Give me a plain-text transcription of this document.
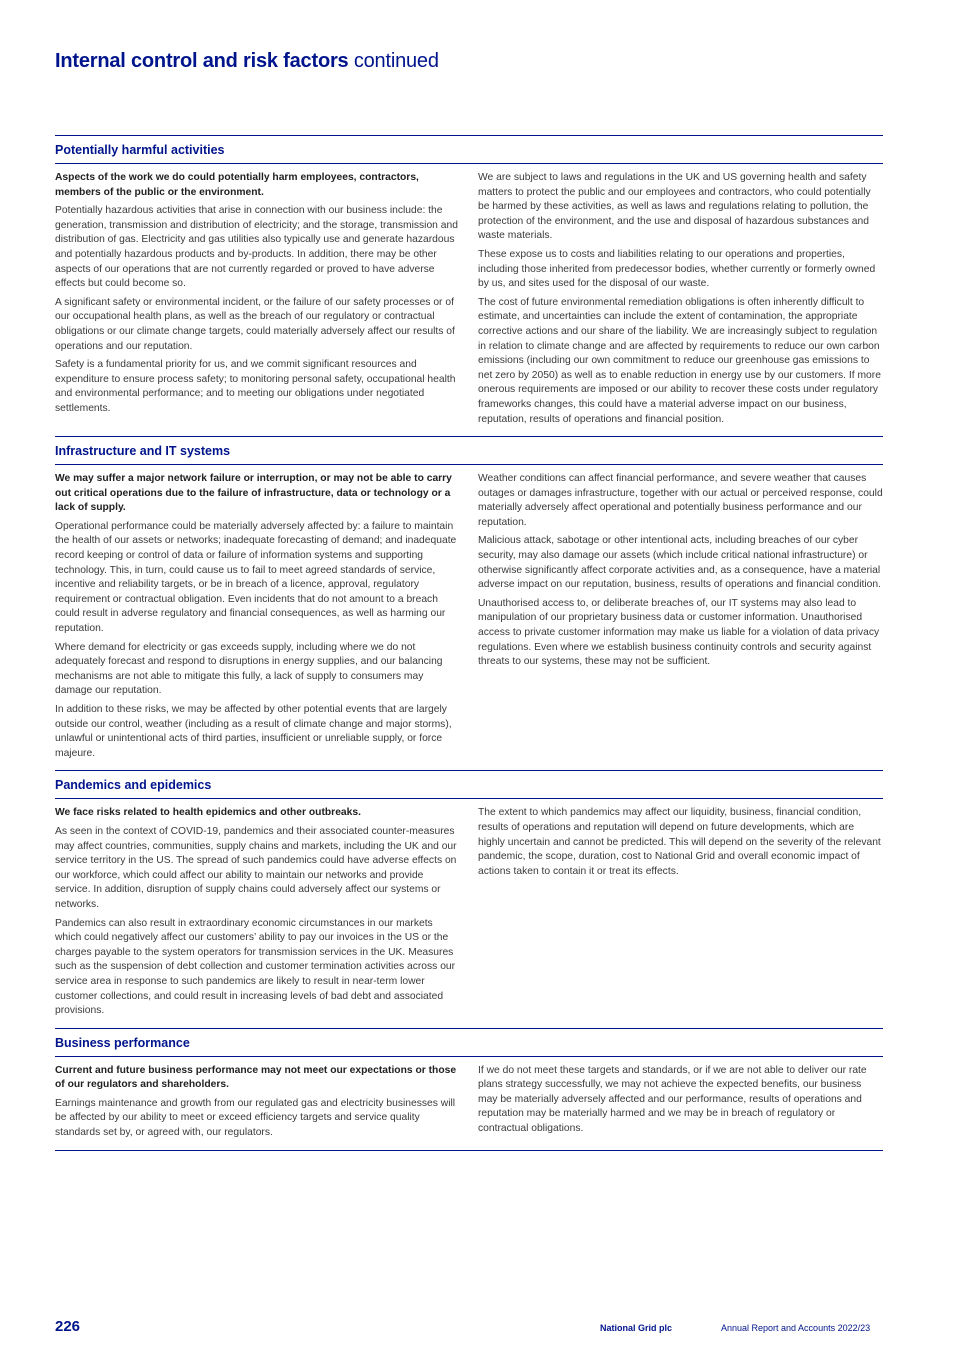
Internal control and risk factors continued
Potentially harmful activities

Aspects of the work we do could potentially harm employees, contractors, members of the public or the environment.

Potentially hazardous activities that arise in connection with our business include: the generation, transmission and distribution of electricity; and the storage, transmission and distribution of gas. Electricity and gas utilities also typically use and generate hazardous and potentially hazardous products and by-products. In addition, there may be other aspects of our operations that are not currently regarded or proved to have adverse effects but could become so.

A significant safety or environmental incident, or the failure of our safety processes or of our occupational health plans, as well as the breach of our regulatory or contractual obligations or our climate change targets, could materially adversely affect our results of operations and our reputation.

Safety is a fundamental priority for us, and we commit significant resources and expenditure to ensure process safety; to monitoring personal safety, occupational health and environmental performance; and to meeting our obligations under negotiated settlements.

We are subject to laws and regulations in the UK and US governing health and safety matters to protect the public and our employees and contractors, who could potentially be harmed by these activities, as well as laws and regulations relating to pollution, the protection of the environment, and the use and disposal of hazardous substances and waste materials.

These expose us to costs and liabilities relating to our operations and properties, including those inherited from predecessor bodies, whether currently or formerly owned by us, and sites used for the disposal of our waste.

The cost of future environmental remediation obligations is often inherently difficult to estimate, and uncertainties can include the extent of contamination, the appropriate corrective actions and our share of the liability. We are increasingly subject to regulation in relation to climate change and are affected by requirements to reduce our own carbon emissions (including our own commitment to reduce our greenhouse gas emissions to net zero by 2050) as well as to enable reduction in energy use by our customers. If more onerous requirements are imposed or our ability to recover these costs under regulatory frameworks changes, this could have a material adverse impact on our business, reputation, results of operations and financial position.

Infrastructure and IT systems

We may suffer a major network failure or interruption, or may not be able to carry out critical operations due to the failure of infrastructure, data or technology or a lack of supply.

Operational performance could be materially adversely affected by: a failure to maintain the health of our assets or networks; inadequate forecasting of demand; and inadequate record keeping or control of data or failure of information systems and supporting technology. This, in turn, could cause us to fail to meet agreed standards of service, incentive and reliability targets, or be in breach of a licence, approval, regulatory requirement or contractual obligation. Even incidents that do not amount to a breach could result in adverse regulatory and financial consequences, as well as harming our reputation.

Where demand for electricity or gas exceeds supply, including where we do not adequately forecast and respond to disruptions in energy supplies, and our balancing mechanisms are not able to mitigate this fully, a lack of supply to consumers may damage our reputation.

In addition to these risks, we may be affected by other potential events that are largely outside our control, weather (including as a result of climate change and major storms), unlawful or unintentional acts of third parties, insufficient or unreliable supply, or force majeure.

Weather conditions can affect financial performance, and severe weather that causes outages or damages infrastructure, together with our actual or perceived response, could materially adversely affect operational and potentially business performance and our reputation.

Malicious attack, sabotage or other intentional acts, including breaches of our cyber security, may also damage our assets (which include critical national infrastructure) or otherwise significantly affect corporate activities and, as a consequence, have a material adverse impact on our reputation, business, results of operations and financial condition.

Unauthorised access to, or deliberate breaches of, our IT systems may also lead to manipulation of our proprietary business data or customer information. Unauthorised access to private customer information may make us liable for a violation of data privacy regulations. Even where we establish business continuity controls and security against threats to our systems, these may not be sufficient.

Pandemics and epidemics

We face risks related to health epidemics and other outbreaks.

As seen in the context of COVID-19, pandemics and their associated counter-measures may affect countries, communities, supply chains and markets, including the UK and our service territory in the US. The spread of such pandemics could have adverse effects on our workforce, which could affect our ability to maintain our networks and provide service. In addition, disruption of supply chains could adversely affect our systems or networks.

Pandemics can also result in extraordinary economic circumstances in our markets which could negatively affect our customers’ ability to pay our invoices in the US or the charges payable to the system operators for transmission services in the UK. Measures such as the suspension of debt collection and customer termination activities across our service area in response to such pandemics are likely to result in near-term lower customer collections, and could result in increasing levels of bad debt and associated provisions.

The extent to which pandemics may affect our liquidity, business, financial condition, results of operations and reputation will depend on future developments, which are highly uncertain and cannot be predicted. This will depend on the severity of the relevant pandemic, the scope, duration, cost to National Grid and overall economic impact of actions taken to contain it or treat its effects.

Business performance

Current and future business performance may not meet our expectations or those of our regulators and shareholders.

Earnings maintenance and growth from our regulated gas and electricity businesses will be affected by our ability to meet or exceed efficiency targets and service quality standards set by, or agreed with, our regulators.

If we do not meet these targets and standards, or if we are not able to deliver our rate plans strategy successfully, we may not achieve the expected benefits, our business may be materially adversely affected and our performance, results of operations and reputation may be materially harmed and we may be in breach of regulatory or contractual obligations.

226	National Grid plc	Annual Report and Accounts 2022/23
